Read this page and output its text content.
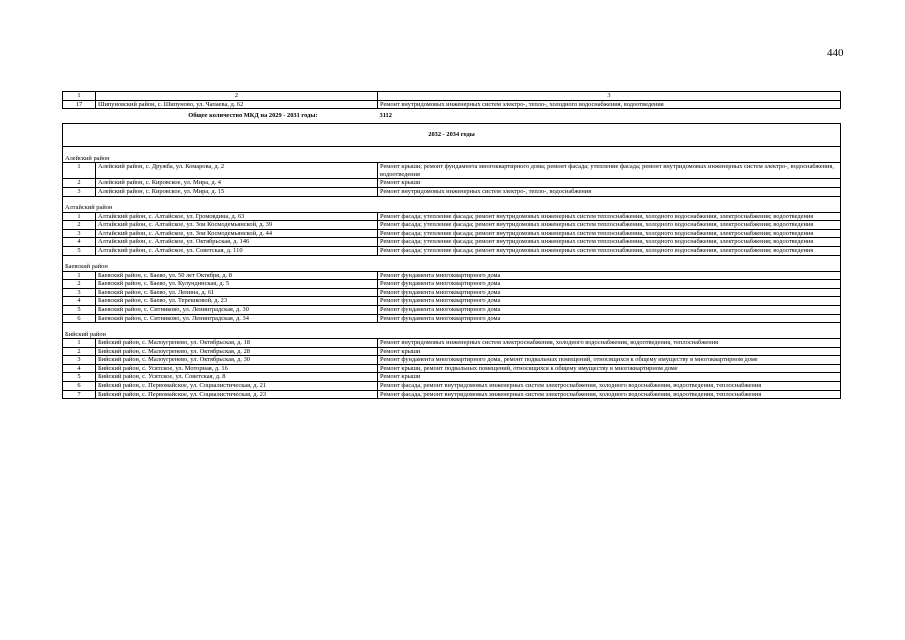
440
1	2	3
17	Шипуновский район, с. Шипуново, ул. Чапаева, д. 62	Ремонт внутридомовых инженерных систем электро-, тепло-, холодного водоснабжения, водоотведения
Общее количество МКД на 2029 - 2031 годы:		3112
2032 - 2034 годы		
Алейский район		
1	Алейский район, с. Дружба, ул. Комарова, д. 2	Ремонт крыши; ремонт фундамента многоквартирного дома; ремонт фасада; утепление фасада; ремонт внутридомовых инженерных систем электро-, водоснабжения, водоотведения
2	Алейский район, с. Кировское, ул. Мира, д. 4	Ремонт крыши
3	Алейский район, с. Кировское, ул. Мира, д. 15	Ремонт внутридомовых инженерных систем электро-, тепло-, водоснабжения
Алтайский район		
1	Алтайский район, с. Алтайское, ул. Громовдина, д. 63	Ремонт фасада; утепление фасада; ремонт внутридомовых инженерных систем теплоснабжения, холодного водоснабжения, электроснабжения; водоотведения
2	Алтайский район, с. Алтайское, ул. Зои Космодемьянской, д. 39	Ремонт фасада; утепление фасада; ремонт внутридомовых инженерных систем теплоснабжения, холодного водоснабжения, электроснабжения; водоотведения
3	Алтайский район, с. Алтайское, ул. Зои Космодемьянской, д. 44	Ремонт фасада; утепление фасада; ремонт внутридомовых инженерных систем теплоснабжения, холодного водоснабжения, электроснабжения; водоотведения
4	Алтайский район, с. Алтайское, ул. Октябрьская, д. 146	Ремонт фасада; утепление фасада; ремонт внутридомовых инженерных систем теплоснабжения, холодного водоснабжения, электроснабжения; водоотведения
5	Алтайский район, с. Алтайское, ул. Советская, д. 110	Ремонт фасада; утепление фасада; ремонт внутридомовых инженерных систем теплоснабжения, холодного водоснабжения, электроснабжения; водоотведения
Баевский район		
1	Баевский район, с. Баево, ул. 50 лет Октября, д. 8	Ремонт фундамента многоквартирного дома
2	Баевский район, с. Баево, ул. Кулундинская, д. 5	Ремонт фундамента многоквартирного дома
3	Баевский район, с. Баево, ул. Ленина, д. 61	Ремонт фундамента многоквартирного дома
4	Баевский район, с. Баево, ул. Терешковой, д. 23	Ремонт фундамента многоквартирного дома
5	Баевский район, с. Ситниково, ул. Ленинградская, д. 30	Ремонт фундамента многоквартирного дома
6	Баевский район, с. Ситниково, ул. Ленинградская, д. 34	Ремонт фундамента многоквартирного дома
Бийский район		
1	Бийский район, с. Малоугренево, ул. Октябрьская, д. 18	Ремонт внутридомовых инженерных систем электроснабжения, холодного водоснабжения, водоотведения, теплоснабжения
2	Бийский район, с. Малоугренево, ул. Октябрьская, д. 28	Ремонт крыши
3	Бийский район, с. Малоугренево, ул. Октябрьская, д. 30	Ремонт фундамента многоквартирного дома, ремонт подвальных помещений, относящихся к общему имуществу в многоквартирном доме
4	Бийский район, с. Усятское, ул. Моторная, д. 16	Ремонт крыши, ремонт подвальных помещений, относящихся к общему имуществу в многоквартирном доме
5	Бийский район, с. Усятское, ул. Советская, д. 8	Ремонт крыши
6	Бийский район, с. Первомайское, ул. Социалистическая, д. 21	Ремонт фасада, ремонт внутридомовых инженерных систем электроснабжения, холодного водоснабжения, водоотведения, теплоснабжения
7	Бийский район, с. Первомайское, ул. Социалистическая, д. 23	Ремонт фасада, ремонт внутридомовых инженерных систем электроснабжения, холодного водоснабжения, водоотведения, теплоснабжения
